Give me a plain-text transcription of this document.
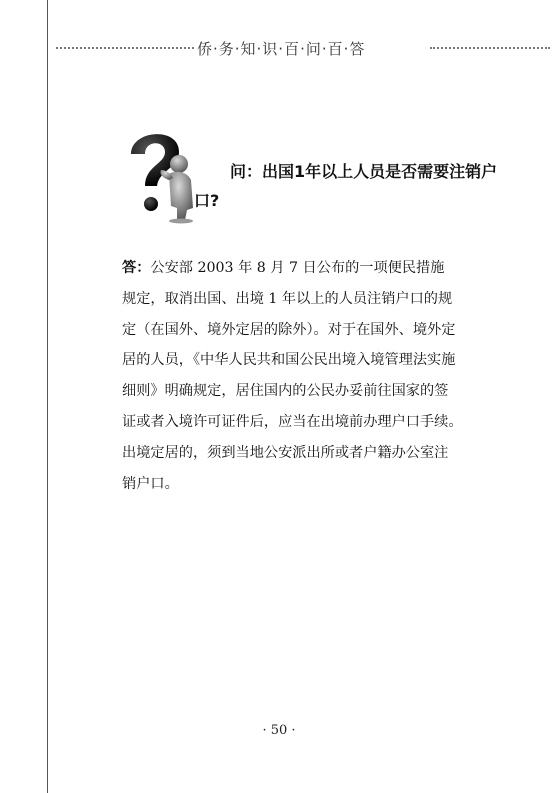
侨·务·知·识·百·问·百·答
问：出国1年以上人员是否需要注销户口?
答：公安部 2003 年 8 月 7 日公布的一项便民措施
规定，取消出国、出境 1 年以上的人员注销户口的规
定（在国外、境外定居的除外）。对于在国外、境外定
居的人员，《中华人民共和国公民出境入境管理法实施
细则》明确规定，居住国内的公民办妥前往国家的签
证或者入境许可证件后，应当在出境前办理户口手续。
出境定居的，须到当地公安派出所或者户籍办公室注
销户口。
· 50 ·
